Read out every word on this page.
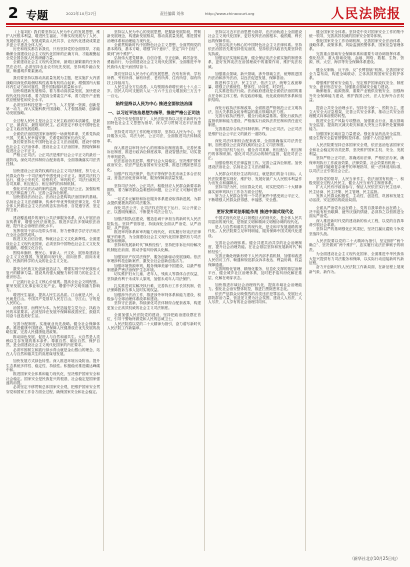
2 专题	2022年10月27日	责任编辑 刘伟	http://www.chinacourt.org	人民法院报

（上接1版）我们要坚持以人民为中心的发展思想，维护人民根本利益，增进民生福祉，不断实现发展为了人民、发展依靠人民、发展成果由人民共享，让现代化建设成果更多更公平惠及全体人民。

历史和现实都告诉我们，只有坚持党的全面领导，才能确保全面建设社会主义现代化国家的正确方向，才能凝聚起全党全国各族人民的磅礴力量。

全面建设社会主义现代化国家，最艰巨最繁重的任务仍然在农村。必须坚持农业农村优先发展，坚持城乡融合发展，畅通城乡要素流动。

我们要坚持以推动高质量发展为主题，把实施扩大内需战略同深化供给侧结构性改革有机结合起来，增强国内大循环内生动力和可靠性，提升国际循环质量和水平。

加快构建新发展格局，着力推动高质量发展，加快建设现代化经济体系，着力提高全要素生产率，着力提升产业链供应链韧性和安全水平。

必须坚持科技是第一生产力、人才是第一资源、创新是第一动力，深入实施科教兴国战略、人才强国战略、创新驱动发展战略。

全过程人民民主是社会主义民主政治的本质属性，是最广泛、最真实、最管用的民主。必须坚定不移走中国特色社会主义政治发展道路。

全面依法治国是国家治理的一场深刻革命，关系党执政兴国，关系人民幸福安康，关系党和国家长治久安。

我们要坚持走中国特色社会主义法治道路，建设中国特色社会主义法治体系、建设社会主义法治国家，围绕保障和促进社会公平正义。

严格公正司法。公正司法是维护社会公平正义的最后一道防线。深化司法体制综合配套改革，全面准确落实司法责任制。

加快建设公正高效权威的社会主义司法制度，努力让人民群众在每一个司法案件中感受到公平正义。规范司法权力运行，健全公安机关、检察机关、审判机关、司法行政机关各司其职、相互配合、相互制约的体制机制。

强化对司法活动的制约监督，促进司法公正。加强检察机关法律监督工作。完善公益诉讼制度。

加快建设法治社会。法治社会是构筑法治国家的基础。弘扬社会主义法治精神，传承中华优秀传统法律文化，引导全体人民做社会主义法治的忠实崇尚者、自觉遵守者、坚定捍卫者。

建设覆盖城乡的现代公共法律服务体系，深入开展法治宣传教育，增强全民法治观念。推进多层次多领域依法治理，提升社会治理法治化水平。

发挥领导干部示范带头作用，努力使尊法学法守法用法在全社会蔚然成风。

推进文化自信自强，铸就社会主义文化新辉煌。全面建设社会主义现代化国家，必须坚持中国特色社会主义文化发展道路，增强文化自信。

围绕举旗帜、聚民心、育新人、兴文化、展形象建设社会主义文化强国，发展面向现代化、面向世界、面向未来的，民族的科学的大众的社会主义文化。

激发全民族文化创新创造活力，增强实现中华民族伟大复兴的精神力量。建设具有强大凝聚力和引领力的社会主义意识形态。

广泛践行社会主义核心价值观。提高全社会文明程度。繁荣发展文化事业和文化产业。增强中华文明传播力影响力。

增进民生福祉，提高人民生活品质。江山就是人民，人民就是江山。中国共产党领导人民打江山、守江山，守的是人民的心。

治国有常，而利民为本。为民造福是立党为公、执政为民的本质要求。必须坚持在发展中保障和改善民生，鼓励共同奋斗创造美好生活。

完善分配制度。实施就业优先战略。健全社会保障体系。推进健康中国建设。把保障人民健康放在优先发展的战略位置，完善人民健康促进政策。

推动绿色发展，促进人与自然和谐共生。大自然是人类赖以生存发展的基本条件。尊重自然、顺应自然、保护自然，是全面建设社会主义现代化国家的内在要求。

必须牢固树立和践行绿水青山就是金山银山的理念，站在人与自然和谐共生的高度谋划发展。

加快发展方式绿色转型。深入推进环境污染防治。提升生态系统多样性、稳定性、持续性。积极稳妥推进碳达峰碳中和。

推进国家安全体系和能力现代化，坚决维护国家安全和社会稳定。国家安全是民族复兴的根基，社会稳定是国家强盛的前提。

必须坚定不移贯彻总体国家安全观，把维护国家安全贯穿党和国家工作各方面全过程，确保国家安全和社会稳定。

坚持以人民为中心的发展思想，把握新发展阶段，贯彻新发展理念，构建新发展格局，推动高质量发展，推进国家治理体系和治理能力现代化。

全面贯彻新时代中国特色社会主义思想，全面贯彻党的基本路线、基本方略，增强“四个意识”、坚定“四个自信”、做到“两个维护”。

弘扬伟大建党精神，自信自强、守正创新，踔厉奋发、勇毅前行，为全面建设社会主义现代化国家、全面推进中华民族伟大复兴而团结奋斗。

我们坚持以人民为中心的发展思想，在幼有所育、学有所教、劳有所得、病有所医、老有所养、住有所居、弱有所扶上持续用力。

人民生活全方位改善。人均预期寿命增长到七十八点二岁。居民人均可支配收入从一万六千五百元增加到三万五千一百元。

始终坚持以人民为中心 推进全面依法治国
一、以习近平法治思想为指导，推进严格公正司法

在党中央坚强领导下，人民法院坚持以习近平新时代中国特色社会主义思想为指导，深入学习贯彻习近平法治思想。

坚持党对司法工作的绝对领导，坚持以人民为中心，坚持服务大局、司法为民、公正司法，全面推进司法体制改革。

深入推进以审判为中心的刑事诉讼制度改革，完善民事诉讼制度，推进行政诉讼制度改革，建设智慧法院，切实提升审判质效。

依法惩治各类犯罪，维护社会大局稳定。坚决维护国家政治安全，依法严惩危害国家安全犯罪，推进扫黑除恶常态化。

加强产权司法保护，依法平等保护各类市场主体合法权益，营造法治化营商环境，服务保障高质量发展。

坚持司法为民、公正司法，积极回应人民群众新要求新期待，着力解决群众急难愁盼问题，让公平正义可触可感可见。

一站式多元解纷和诉讼服务体系建设取得新进展，为群众提供便捷高效的司法服务。

深化司法公开，让司法权在阳光下运行，以公开促公正、以透明保廉洁，不断提升司法公信力。

加强法院队伍建设，锻造忠诚干净担当的新时代人民法院队伍。坚持严管厚爱，持续深化全面从严治党、从严治院、从严管理。

推进审判体系和审判能力现代化，切实履行好宪法法律赋予的职责，为全面建设社会主义现代化国家提供有力司法服务和保障。

坚持和发展新时代“枫桥经验”，坚持把非诉讼纠纷解决机制挺在前面，推动矛盾纠纷源头化解。

加强知识产权司法保护，服务创新驱动发展战略。依法审理涉科技创新案件，激发全社会创新创造活力。

加强环境资源审判，服务保障美丽中国建设，以最严格制度最严密法治保护生态环境。

切实维护妇女儿童、老年人、残疾人等群体合法权益，坚持最有利于未成年人原则，加强未成年人司法保护。

扎实推进切实解决执行难，完善执行工作长效机制，依法保障胜诉当事人及时实现权益。

加强涉外法治工作，推进涉外审判体系和能力建设，积极参与全球治理体系改革和建设。

坚持守正创新，持续深化司法体制综合配套改革，构建更加公正高效权威的社会主义司法制度。

全面加强人民法院党的建设，坚持把政治建设摆在首位，引导干警始终做党和人民的忠诚卫士。

人民法院将以党的二十大精神为指引，奋力谱写新时代人民法院工作新篇章。

坚持以习近平法治思想为指导，在法治轨道上全面建设社会主义现代化国家，更好发挥法治固根本、稳预期、利长远的保障作用。

完善以宪法为核心的中国特色社会主义法律体系。坚持依法治国首先要坚持依宪治国，坚持依法执政首先要坚持依宪执政。

加强宪法实施和监督，健全保证宪法全面实施的制度体系，更好发挥宪法在治国理政中的重要作用，维护宪法权威。

加强重点领域、新兴领域、涉外领域立法，统筹推进国内法治和涉外法治，以良法促进发展、保障善治。

推进科学立法、民主立法、依法立法，统筹立改废释纂，增强立法系统性、整体性、协同性、时效性。

扎实推进依法行政。法治政府建设是全面依法治国的重点任务和主体工程。转变政府职能，优化政府职责体系和组织结构。

深化行政执法体制改革，全面推进严格规范公正文明执法，加大关系群众切身利益的重点领域执法力度。

完善行政执法程序，健全行政裁量基准。强化行政执法监督机制和能力建设，严格落实行政执法责任制和责任追究制度。

完善基层综合执法体制机制。严格公正司法。公正司法是维护社会公平正义的最后一道防线。

深化司法体制综合配套改革，全面准确落实司法责任制，加快建设公正高效权威的社会主义司法制度。

规范司法权力运行，健全各司其职、相互配合、相互制约的体制机制。强化对司法活动的制约监督，促进司法公正。

加强检察机关法律监督工作。完善公益诉讼制度。加快建设法治社会，弘扬社会主义法治精神。

人民群众对美好生活的向往，就是我们的奋斗目标。人民法院要把实现好、维护好、发展好最广大人民根本利益作为出发点和落脚点。

坚持司法为民，回应群众关切，切实把党的二十大精神落实到审判执行工作各方面全过程。

努力让人民群众在每一个司法案件中感受到公平正义，不断增强人民群众获得感、幸福感、安全感。

更好发挥司法职能作用 推进中国式现代化

中国式现代化是人口规模巨大的现代化，是全体人民共同富裕的现代化，是物质文明和精神文明相协调的现代化。

是人与自然和谐共生的现代化，是走和平发展道路的现代化。人民法院要立足审判职能，服务保障中国式现代化建设。

完善社会治理体系。健全共建共治共享的社会治理制度，提升社会治理效能。在社会基层坚持和发展新时代“枫桥经验”。

完善正确处理新形势下人民内部矛盾机制，加强和改进人民信访工作，畅通和规范群众诉求表达、利益协调、权益保障通道。

完善网格化管理、精细化服务、信息化支撑的基层治理平台，健全城乡社区治理体系，及时把矛盾纠纷化解在基层、化解在萌芽状态。

加快推进市域社会治理现代化，提高市域社会治理能力。强化社会治安整体防控，推进扫黑除恶常态化。

依法严惩群众反映强烈的各类违法犯罪活动。发展壮大群防群治力量，营造见义勇为社会氛围，建设人人有责、人人尽责、人人享有的社会治理共同体。

健全国家安全体系。坚持党中央对国家安全工作的集中统一领导，完善高效权威的国家安全领导体制。

强化国家安全工作协调机制，完善国家安全法治体系、战略体系、政策体系、风险监测预警体系、国家应急管理体系。

完善重点领域安全保障体系和重要专项协调指挥体系，强化经济、重大基础设施、金融、网络、数据、生物、资源、核、太空、海洋等安全保障体系建设。

健全反制裁、反干涉、反“长臂管辖”机制。完善国家安全力量布局，构建全域联动、立体高效的国家安全防护体系。

增强维护国家安全能力。坚定维护国家政权安全、制度安全、意识形态安全，加强重点领域安全能力建设。

确保粮食、能源资源、重要产业链供应链安全，加强海外安全保障能力建设，维护我国公民、法人在海外合法权益。

提高公共安全治理水平。坚持安全第一、预防为主，建立大安全大应急框架，完善公共安全体系，推动公共安全治理模式向事前预防转型。

推进安全生产风险专项整治，加强重点行业、重点领域安全监管。提高防灾减灾救灾和重大突发公共事件处置保障能力。

加强国家区域应急力量建设。强化食品药品安全监管，健全生物安全监管预警防控体系。加强个人信息保护。

人民法院要坚持总体国家安全观，依法惩治危害国家安全和社会稳定的各类犯罪，坚决维护国家主权、安全、发展利益。

坚持严格公正司法，准确适用法律，严格依法办案，确保审判执行工作政治效果、法律效果、社会效果有机统一。

加强对疑难复杂案件的审理指导，统一法律适用标准，以司法公正引领社会公正。

坚持党的领导、人民当家作主、依法治国有机统一，积极发展全过程人民民主，健全人民当家作主制度体系。

扩大人民有序政治参与，保证人民依法实行民主选举、民主协商、民主决策、民主管理、民主监督。

发挥人民群众积极性、主动性、创造性，巩固和发展生动活泼、安定团结的政治局面。

全面从严治党永远在路上，党的自我革命永远在路上。决不能有松劲歇脚、疲劳厌战的情绪，必须持之以恒推进全面从严治党。

深入推进新时代党的建设新的伟大工程，以党的自我革命引领社会革命。

坚持以严的基调强化正风肃纪，坚决打赢反腐败斗争攻坚战持久战。

人民法院要以党的二十大精神为指引，坚定拥护“两个确立”、坚决做到“两个维护”，忠实履行宪法法律赋予的职责。

为全面建设社会主义现代化国家、全面推进中华民族伟大复兴提供有力司法服务和保障，以实际行动迎接新时代新征程。

奋力开创新时代人民法院工作新局面，在新征程上展现新气象、新作为。

（新华社北京10月25日电）
